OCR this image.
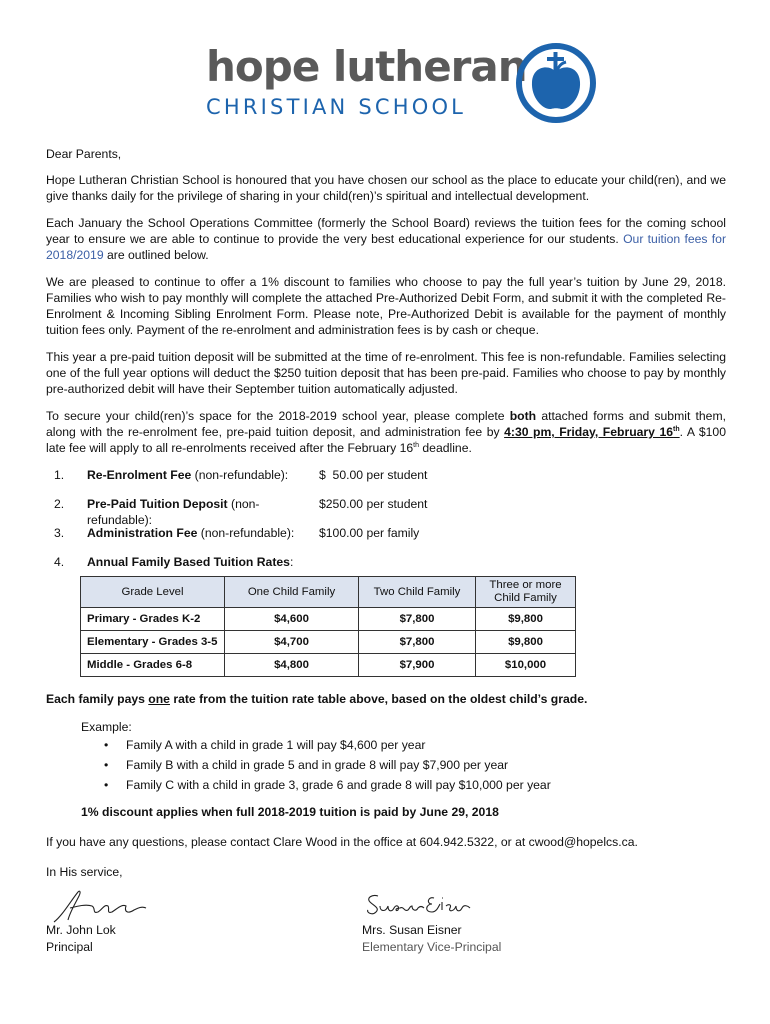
hope lutheran
CHRISTIAN SCHOOL

Dear Parents,

Hope Lutheran Christian School is honoured that you have chosen our school as the place to educate your child(ren), and we give thanks daily for the privilege of sharing in your child(ren)’s spiritual and intellectual development.

Each January the School Operations Committee (formerly the School Board) reviews the tuition fees for the coming school year to ensure we are able to continue to provide the very best educational experience for our students. Our tuition fees for 2018/2019 are outlined below.

We are pleased to continue to offer a 1% discount to families who choose to pay the full year’s tuition by June 29, 2018. Families who wish to pay monthly will complete the attached Pre-Authorized Debit Form, and submit it with the completed Re-Enrolment & Incoming Sibling Enrolment Form. Please note, Pre-Authorized Debit is available for the payment of monthly tuition fees only. Payment of the re-enrolment and administration fees is by cash or cheque.

This year a pre-paid tuition deposit will be submitted at the time of re-enrolment. This fee is non-refundable. Families selecting one of the full year options will deduct the $250 tuition deposit that has been pre-paid. Families who choose to pay by monthly pre-authorized debit will have their September tuition automatically adjusted.

To secure your child(ren)’s space for the 2018-2019 school year, please complete both attached forms and submit them, along with the re-enrolment fee, pre-paid tuition deposit, and administration fee by 4:30 pm, Friday, February 16th. A $100 late fee will apply to all re-enrolments received after the February 16th deadline.

1.	Re-Enrolment Fee (non-refundable):	$  50.00 per student
2.	Pre-Paid Tuition Deposit (non-refundable):
$250.00 per student
3.	Administration Fee (non-refundable):	$100.00 per family
4.	Annual Family Based Tuition Rates:
Grade Level	One Child Family	Two Child Family	Three or more Child Family
Primary - Grades K-2	$4,600	$7,800	$9,800
Elementary - Grades 3-5	$4,700	$7,800	$9,800
Middle - Grades 6-8	$4,800	$7,900	$10,000
Each family pays one rate from the tuition rate table above, based on the oldest child’s grade.
Example:
• Family A with a child in grade 1 will pay $4,600 per year
• Family B with a child in grade 5 and in grade 8 will pay $7,900 per year
• Family C with a child in grade 3, grade 6 and grade 8 will pay $10,000 per year
1% discount applies when full 2018-2019 tuition is paid by June 29, 2018
If you have any questions, please contact Clare Wood in the office at 604.942.5322, or at cwood@hopelcs.ca.
In His service,
Mr. John Lok
Principal
Mrs. Susan Eisner
Elementary Vice-Principal
